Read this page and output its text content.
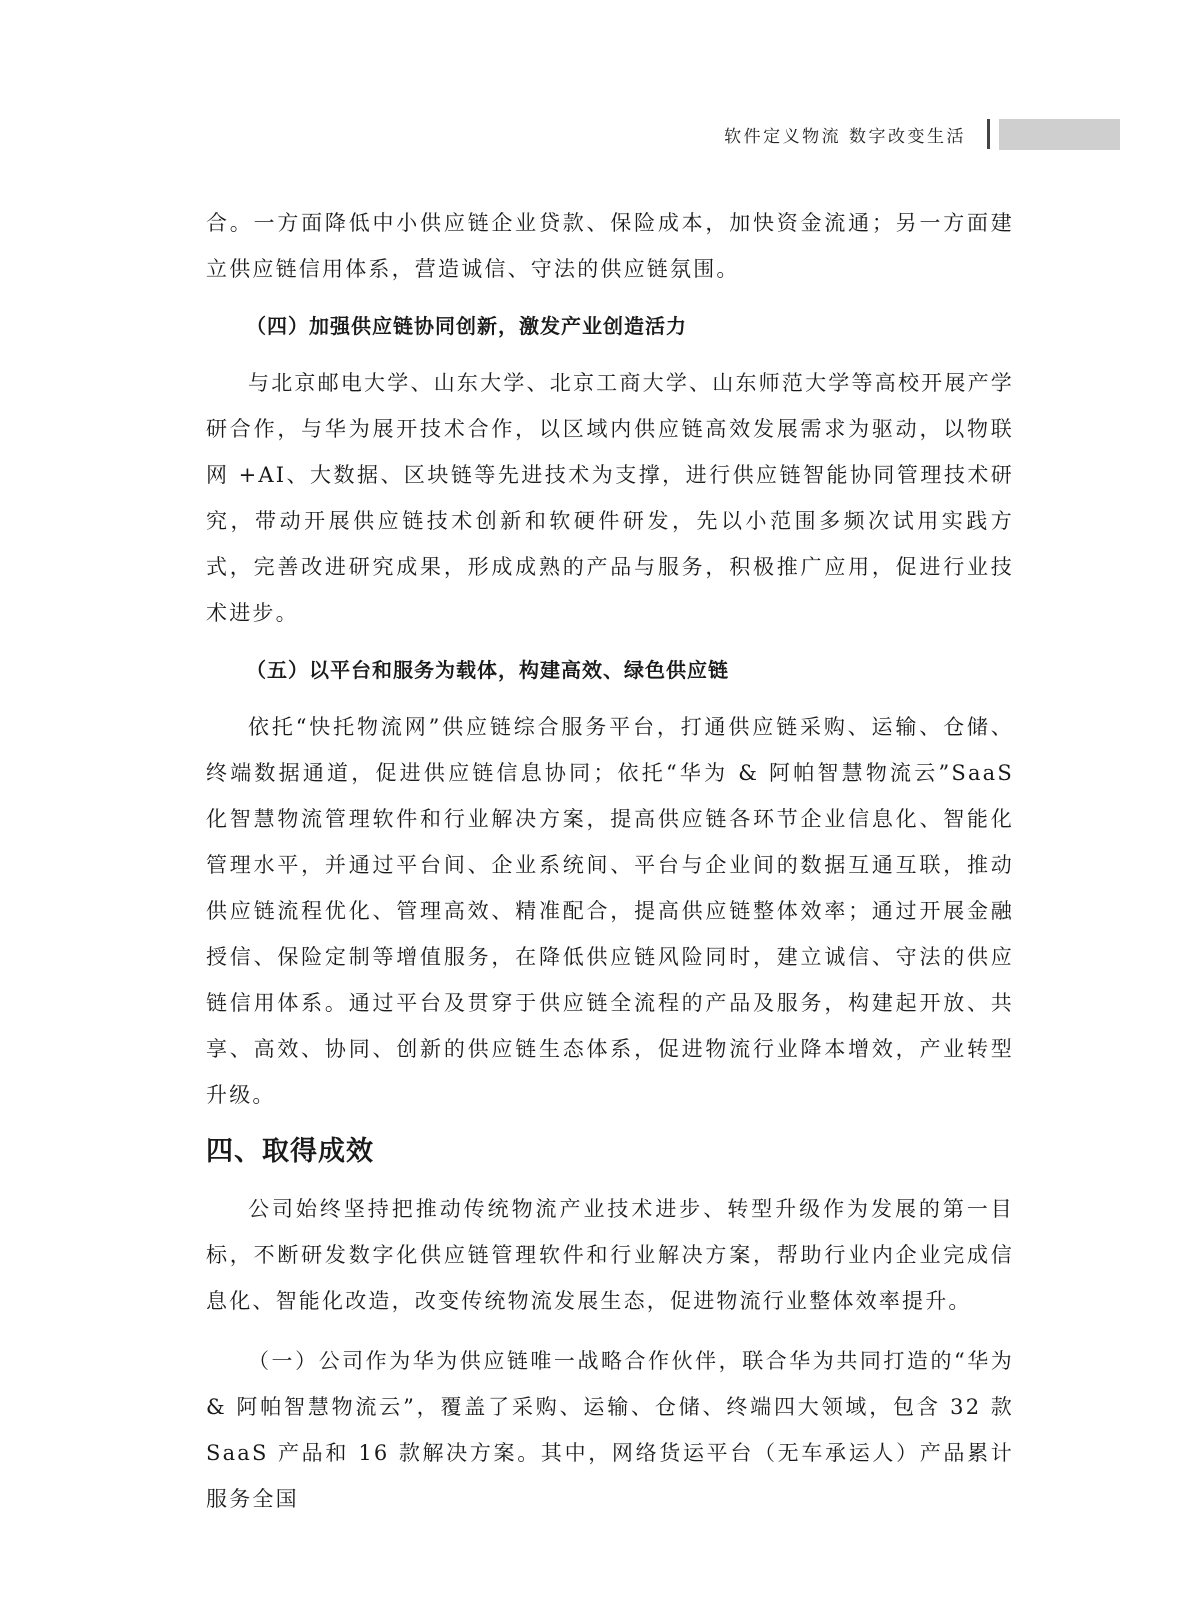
软件定义物流 数字改变生活

合。一方面降低中小供应链企业贷款、保险成本，加快资金流通；另一方面建立供应链信用体系，营造诚信、守法的供应链氛围。

（四）加强供应链协同创新，激发产业创造活力

与北京邮电大学、山东大学、北京工商大学、山东师范大学等高校开展产学研合作，与华为展开技术合作，以区域内供应链高效发展需求为驱动，以物联网 +AI、大数据、区块链等先进技术为支撑，进行供应链智能协同管理技术研究，带动开展供应链技术创新和软硬件研发，先以小范围多频次试用实践方式，完善改进研究成果，形成成熟的产品与服务，积极推广应用，促进行业技术进步。

（五）以平台和服务为载体，构建高效、绿色供应链

依托“快托物流网”供应链综合服务平台，打通供应链采购、运输、仓储、终端数据通道，促进供应链信息协同；依托“华为 & 阿帕智慧物流云”SaaS 化智慧物流管理软件和行业解决方案，提高供应链各环节企业信息化、智能化管理水平，并通过平台间、企业系统间、平台与企业间的数据互通互联，推动供应链流程优化、管理高效、精准配合，提高供应链整体效率；通过开展金融授信、保险定制等增值服务，在降低供应链风险同时，建立诚信、守法的供应链信用体系。通过平台及贯穿于供应链全流程的产品及服务，构建起开放、共享、高效、协同、创新的供应链生态体系，促进物流行业降本增效，产业转型升级。

四、取得成效

公司始终坚持把推动传统物流产业技术进步、转型升级作为发展的第一目标，不断研发数字化供应链管理软件和行业解决方案，帮助行业内企业完成信息化、智能化改造，改变传统物流发展生态，促进物流行业整体效率提升。

（一）公司作为华为供应链唯一战略合作伙伴，联合华为共同打造的“华为 & 阿帕智慧物流云”，覆盖了采购、运输、仓储、终端四大领域，包含 32 款 SaaS 产品和 16 款解决方案。其中，网络货运平台（无车承运人）产品累计服务全国
